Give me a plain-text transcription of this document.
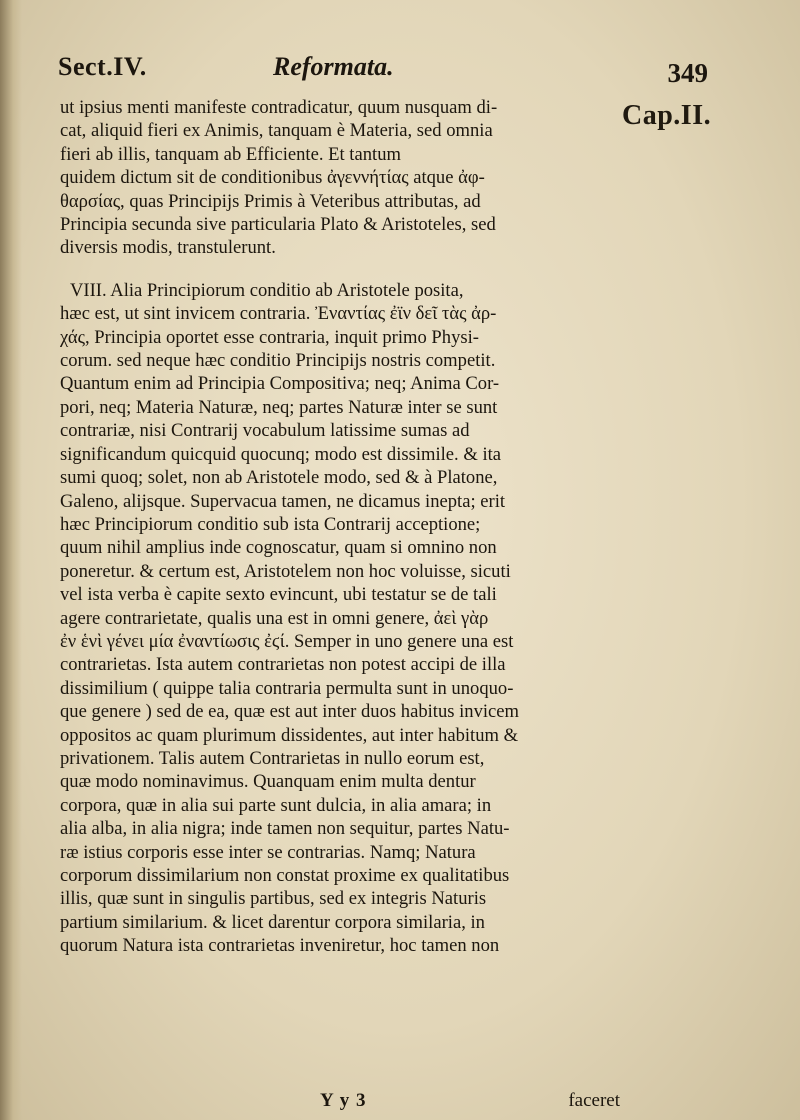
Sect.IV.	Reformata.	349
Cap.II.
ut ipsius menti manifeste contradicatur, quum nusquam di-
cat, aliquid fieri ex Animis, tanquam è Materia, sed omnia
fieri ab illis, tanquam ab Efficiente. Et tantum
quidem dictum sit de conditionibus ἀγεννήτίας atque ἀφ-
θαρσίας, quas Principijs Primis à Veteribus attributas, ad
Principia secunda sive particularia Plato & Aristoteles, sed
diversis modis, transtulerunt.
VIII. Alia Principiorum conditio ab Aristotele posita,
hæc est, ut sint invicem contraria. Ἐναντίας ἐϊν δεῖ τὰς ἀρ-
χάς, Principia oportet esse contraria, inquit primo Physi-
corum. sed neque hæc conditio Principijs nostris competit.
Quantum enim ad Principia Compositiva; neq; Anima Cor-
pori, neq; Materia Naturæ, neq; partes Naturæ inter se sunt
contrariæ, nisi Contrarij vocabulum latissime sumas ad
significandum quicquid quocunq; modo est dissimile. & ita
sumi quoq; solet, non ab Aristotele modo, sed & à Platone,
Galeno, alijsque. Supervacua tamen, ne dicamus inepta; erit
hæc Principiorum conditio sub ista Contrarij acceptione;
quum nihil amplius inde cognoscatur, quam si omnino non
poneretur. & certum est, Aristotelem non hoc voluisse, sicuti
vel ista verba è capite sexto evincunt, ubi testatur se de tali
agere contrarietate, qualis una est in omni genere, ἀεὶ γὰρ
ἐν ἑνὶ γένει μία ἐναντίωσις ἐϛί. Semper in uno genere una est
contrarietas. Ista autem contrarietas non potest accipi de illa
dissimilium ( quippe talia contraria permulta sunt in unoquo-
que genere ) sed de ea, quæ est aut inter duos habitus invicem
oppositos ac quam plurimum dissidentes, aut inter habitum &
privationem. Talis autem Contrarietas in nullo eorum est,
quæ modo nominavimus. Quanquam enim multa dentur
corpora, quæ in alia sui parte sunt dulcia, in alia amara; in
alia alba, in alia nigra; inde tamen non sequitur, partes Natu-
ræ istius corporis esse inter se contrarias. Namq; Natura
corporum dissimilarium non constat proxime ex qualitatibus
illis, quæ sunt in singulis partibus, sed ex integris Naturis
partium similarium. & licet darentur corpora similaria, in
quorum Natura ista contrarietas inveniretur, hoc tamen non
Y y 3	faceret
